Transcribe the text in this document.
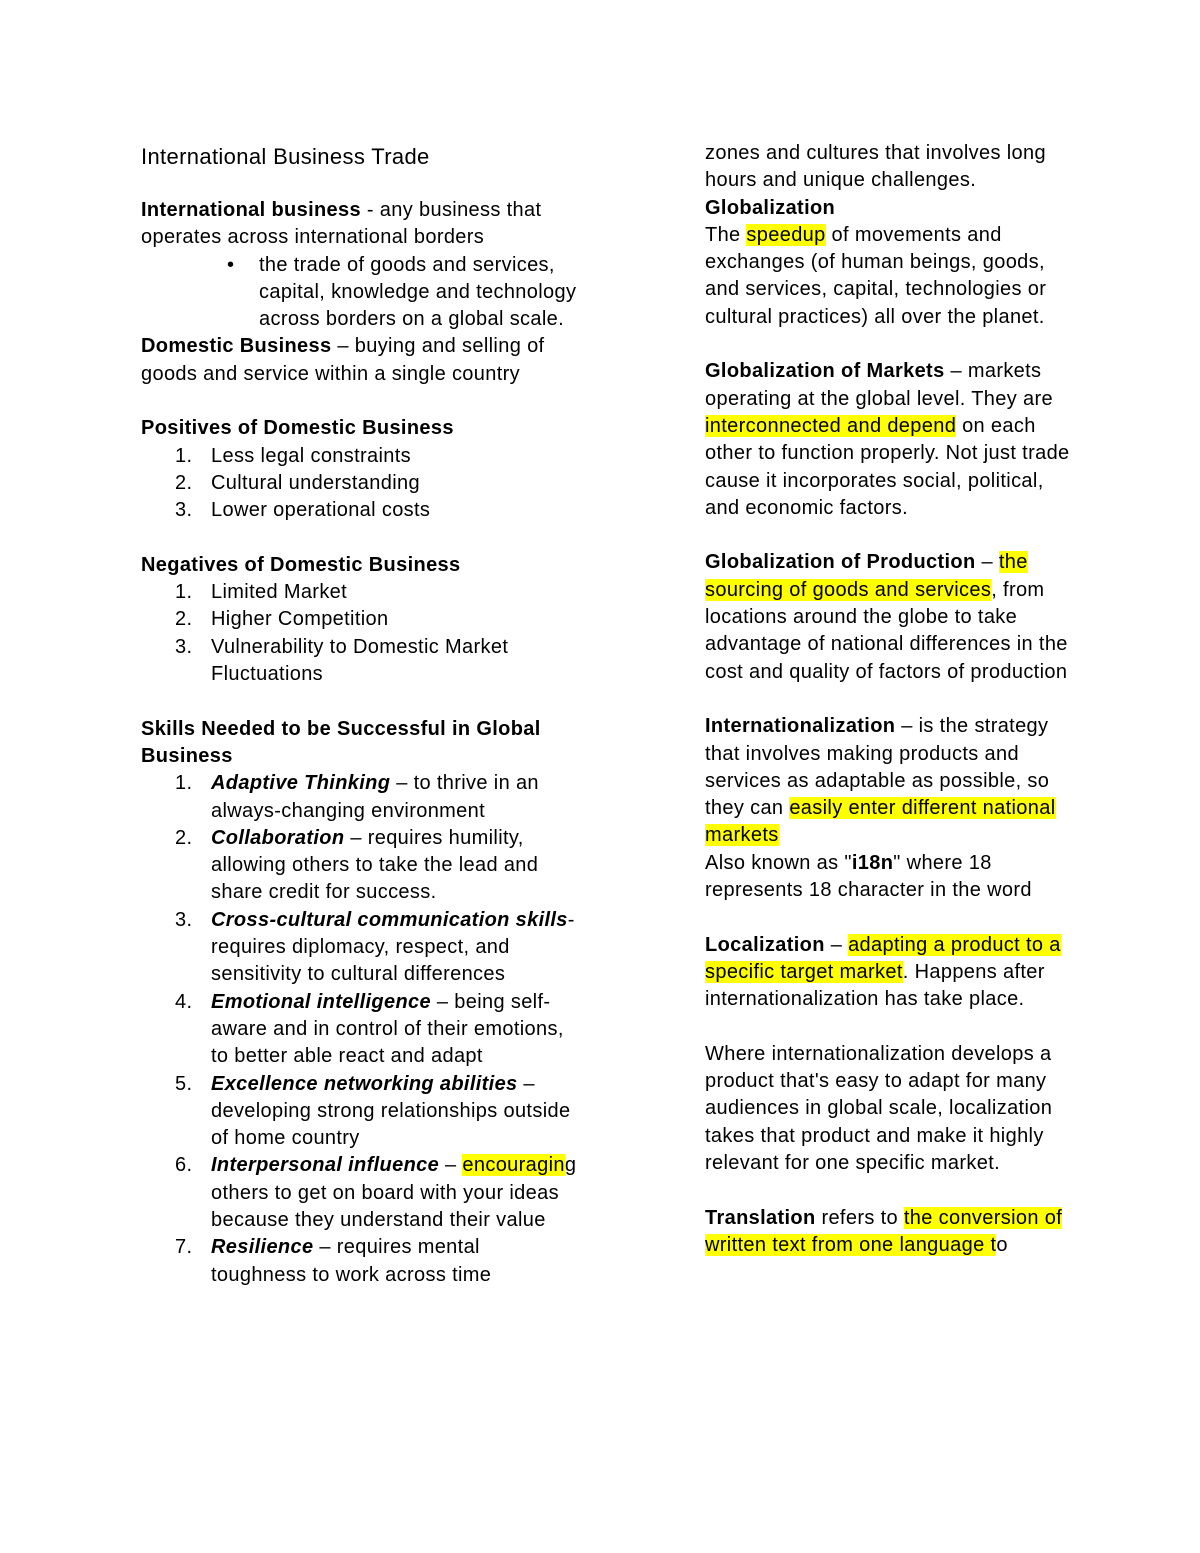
International Business Trade

International business - any business that operates across international borders

• the trade of goods and services, capital, knowledge and technology across borders on a global scale.

Domestic Business – buying and selling of goods and service within a single country

Positives of Domestic Business

1. Less legal constraints
2. Cultural understanding
3. Lower operational costs

Negatives of Domestic Business

1. Limited Market
2. Higher Competition
3. Vulnerability to Domestic Market Fluctuations

Skills Needed to be Successful in Global Business

1. Adaptive Thinking – to thrive in an always-changing environment
2. Collaboration – requires humility, allowing others to take the lead and share credit for success.
3. Cross-cultural communication skills- requires diplomacy, respect, and sensitivity to cultural differences
4. Emotional intelligence – being self-aware and in control of their emotions, to better able react and adapt
5. Excellence networking abilities – developing strong relationships outside of home country
6. Interpersonal influence – encouraging others to get on board with your ideas because they understand their value
7. Resilience – requires mental toughness to work across time

zones and cultures that involves long hours and unique challenges.

Globalization

The speedup of movements and exchanges (of human beings, goods, and services, capital, technologies or cultural practices) all over the planet.

Globalization of Markets – markets operating at the global level. They are interconnected and depend on each other to function properly. Not just trade cause it incorporates social, political, and economic factors.

Globalization of Production – the sourcing of goods and services, from locations around the globe to take advantage of national differences in the cost and quality of factors of production

Internationalization – is the strategy that involves making products and services as adaptable as possible, so they can easily enter different national markets

Also known as "i18n" where 18 represents 18 character in the word

Localization – adapting a product to a specific target market. Happens after internationalization has take place.

Where internationalization develops a product that's easy to adapt for many audiences in global scale, localization takes that product and make it highly relevant for one specific market.

Translation refers to the conversion of written text from one language to
